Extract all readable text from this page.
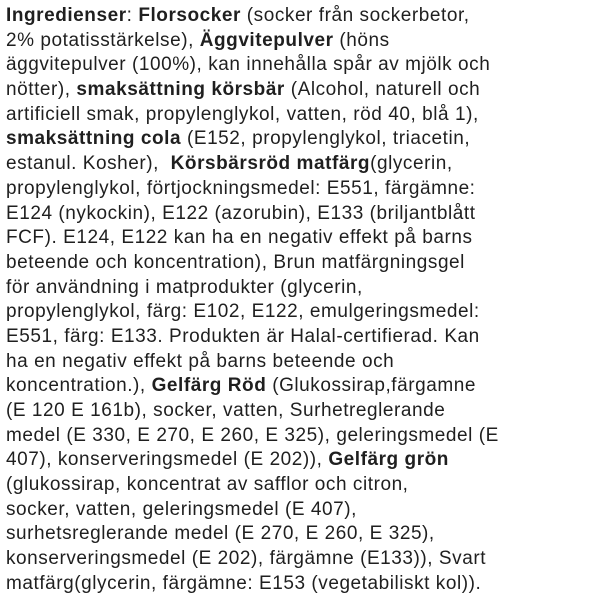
Ingredienser: Florsocker (socker från sockerbetor,
2% potatisstärkelse), Äggvitepulver (höns
äggvitepulver (100%), kan innehålla spår av mjölk och
nötter), smaksättning körsbär (Alcohol, naturell och
artificiell smak, propylenglykol, vatten, röd 40, blå 1),
smaksättning cola (E152, propylenglykol, triacetin,
estanul. Kosher),  Körsbärsröd matfärg(glycerin,
propylenglykol, förtjockningsmedel: E551, färgämne:
E124 (nykockin), E122 (azorubin), E133 (briljantblått
FCF). E124, E122 kan ha en negativ effekt på barns
beteende och koncentration), Brun matfärgningsgel
för användning i matprodukter (glycerin,
propylenglykol, färg: E102, E122, emulgeringsmedel:
E551, färg: E133. Produkten är Halal-certifierad. Kan
ha en negativ effekt på barns beteende och
koncentration.), Gelfärg Röd (Glukossirap,färgamne
(E 120 E 161b), socker, vatten, Surhetreglerande
medel (E 330, E 270, E 260, E 325), geleringsmedel (E
407), konserveringsmedel (E 202)), Gelfärg grön
(glukossirap, koncentrat av safflor och citron,
socker, vatten, geleringsmedel (E 407),
surhetsreglerande medel (E 270, E 260, E 325),
konserveringsmedel (E 202), färgämne (E133)), Svart
matfärg(glycerin, färgämne: E153 (vegetabiliskt kol)).
